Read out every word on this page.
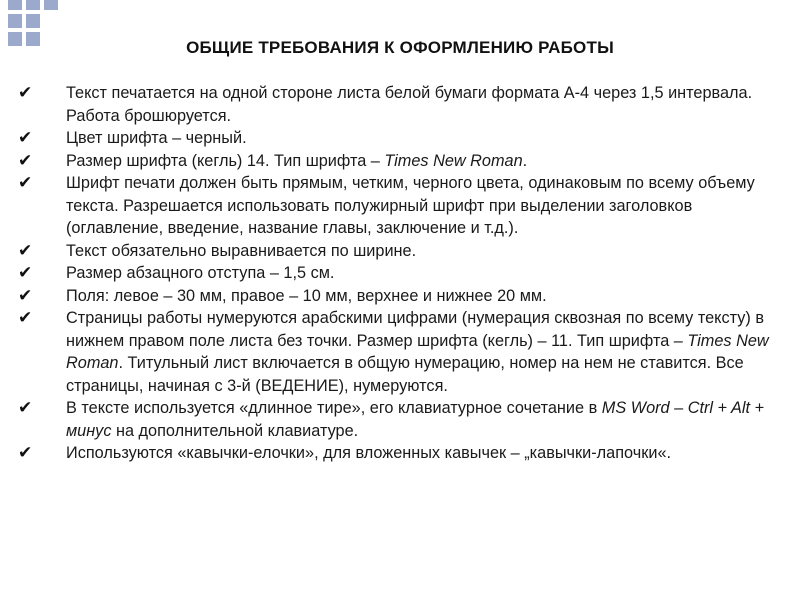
ОБЩИЕ ТРЕБОВАНИЯ К ОФОРМЛЕНИЮ РАБОТЫ
✔	Текст печатается на одной стороне листа белой бумаги формата А-4 через 1,5 интервала. Работа брошюруется.
✔	Цвет шрифта – черный.
✔	Размер шрифта (кегль) 14. Тип шрифта – Times New Roman.
✔	Шрифт печати должен быть прямым, четким, черного цвета, одинаковым по всему объему текста. Разрешается использовать полужирный шрифт при выделении заголовков (оглавление, введение, название главы, заключение и т.д.).
✔	Текст обязательно выравнивается по ширине.
✔	Размер абзацного отступа – 1,5 см.
✔	Поля: левое – 30 мм, правое – 10 мм, верхнее и нижнее 20 мм.
✔	Страницы работы нумеруются арабскими цифрами (нумерация сквозная по всему тексту) в нижнем правом поле листа без точки. Размер шрифта (кегль) – 11. Тип шрифта – Times New Roman. Титульный лист включается в общую нумерацию, номер на нем не ставится. Все страницы, начиная с 3-й (ВЕДЕНИЕ), нумеруются.
✔	В тексте используется «длинное тире», его клавиатурное сочетание в MS Word – Ctrl + Alt + минус на дополнительной клавиатуре.
✔	Используются «кавычки-елочки», для вложенных кавычек – „кавычки-лапочки«.
